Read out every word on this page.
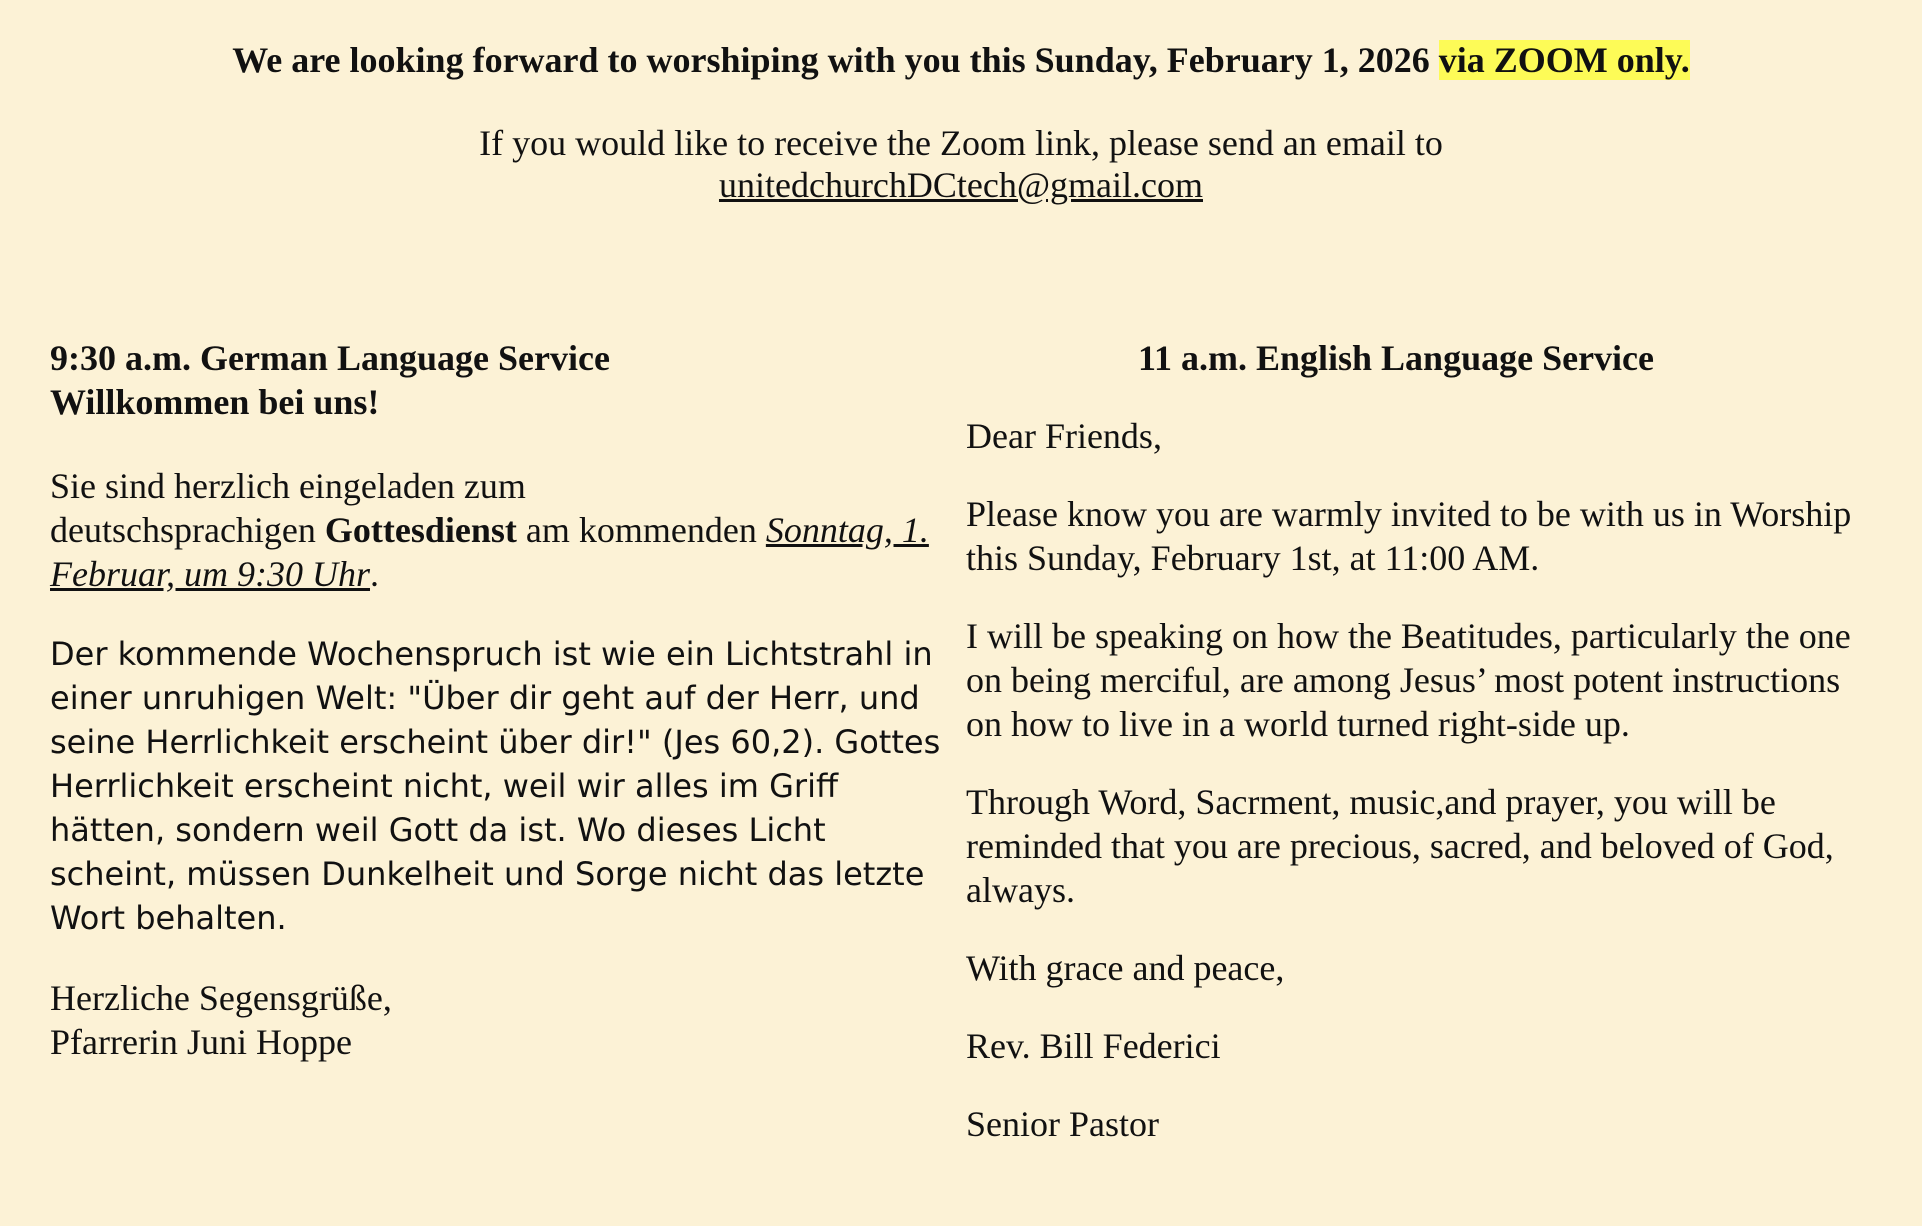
We are looking forward to worshiping with you this Sunday, February 1, 2026 via ZOOM only.

If you would like to receive the Zoom link, please send an email to
unitedchurchDCtech@gmail.com

9:30 a.m. German Language Service
Willkommen bei uns!

Sie sind herzlich eingeladen zum
deutschsprachigen Gottesdienst am kommenden Sonntag, 1. Februar, um 9:30 Uhr.

Der kommende Wochenspruch ist wie ein Lichtstrahl in einer unruhigen Welt: "Über dir geht auf der Herr, und seine Herrlichkeit erscheint über dir!" (Jes 60,2). Gottes Herrlichkeit erscheint nicht, weil wir alles im Griff hätten, sondern weil Gott da ist. Wo dieses Licht scheint, müssen Dunkelheit und Sorge nicht das letzte Wort behalten.

Herzliche Segensgrüße,
Pfarrerin Juni Hoppe

11 a.m. English Language Service

Dear Friends,

Please know you are warmly invited to be with us in Worship this Sunday, February 1st, at 11:00 AM.

I will be speaking on how the Beatitudes, particularly the one on being merciful, are among Jesus’ most potent instructions on how to live in a world turned right-side up.

Through Word, Sacrment, music,and prayer, you will be reminded that you are precious, sacred, and beloved of God, always.

With grace and peace,

Rev. Bill Federici

Senior Pastor
